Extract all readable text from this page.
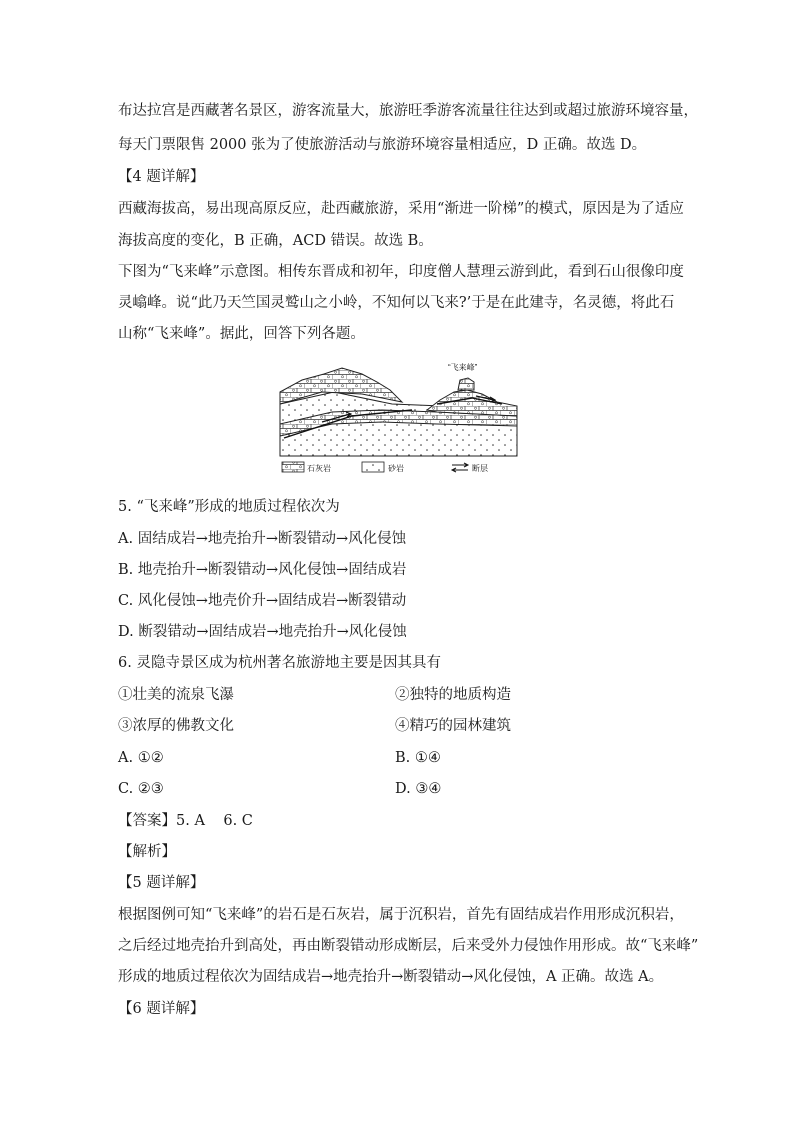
布达拉宫是西藏著名景区，游客流量大，旅游旺季游客流量往往达到或超过旅游环境容量，
每天门票限售 2000 张为了使旅游活动与旅游环境容量相适应，D 正确。故选 D。
【4 题详解】
西藏海拔高，易出现高原反应，赴西藏旅游，采用“渐进一阶梯”的模式，原因是为了适应
海拔高度的变化，B 正确，ACD 错误。故选 B。
下图为“飞来峰”示意图。相传东晋成和初年，印度僧人慧理云游到此，看到石山很像印度
灵嶖峰。说“此乃天竺国灵鹫山之小岭，不知何以飞来?’于是在此建寺，名灵德，将此石
山称“飞来峰”。据此，回答下列各题。
“飞来峰”
石灰岩	砂岩	断层
5. “飞来峰”形成的地质过程依次为
A. 固结成岩→地壳抬升→断裂错动→风化侵蚀
B. 地壳抬升→断裂错动→风化侵蚀→固结成岩
C. 风化侵蚀→地壳价升→固结成岩→断裂错动
D. 断裂错动→固结成岩→地壳抬升→风化侵蚀
6. 灵隐寺景区成为杭州著名旅游地主要是因其具有
①壮美的流泉飞瀑	②独特的地质构造
③浓厚的佛教文化	④精巧的园林建筑
A. ①②	B. ①④
C. ②③	D. ③④
【答案】5. A    6. C
【解析】
【5 题详解】
根据图例可知“飞来峰”的岩石是石灰岩，属于沉积岩，首先有固结成岩作用形成沉积岩，
之后经过地壳抬升到高处，再由断裂错动形成断层，后来受外力侵蚀作用形成。故“飞来峰”
形成的地质过程依次为固结成岩→地壳抬升→断裂错动→风化侵蚀，A 正确。故选 A。
【6 题详解】
